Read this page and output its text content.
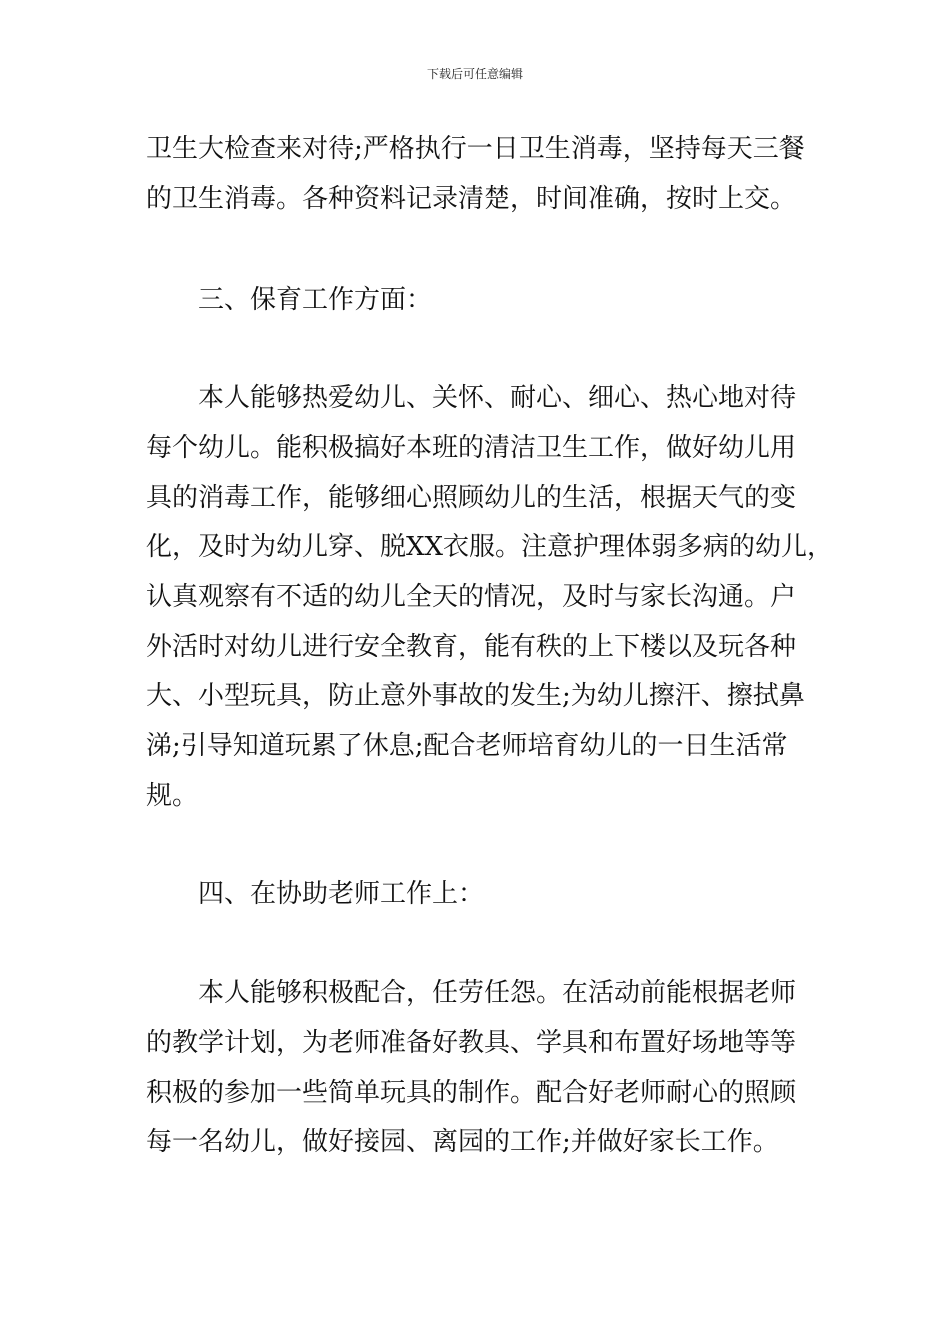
下载后可任意编辑
卫生大检查来对待;严格执行一日卫生消毒，坚持每天三餐
的卫生消毒。各种资料记录清楚，时间准确，按时上交。
三、保育工作方面：
本人能够热爱幼儿、关怀、耐心、细心、热心地对待
每个幼儿。能积极搞好本班的清洁卫生工作，做好幼儿用
具的消毒工作，能够细心照顾幼儿的生活，根据天气的变
化，及时为幼儿穿、脱XX衣服。注意护理体弱多病的幼儿，
认真观察有不适的幼儿全天的情况，及时与家长沟通。户
外活时对幼儿进行安全教育，能有秩的上下楼以及玩各种
大、小型玩具，防止意外事故的发生;为幼儿擦汗、擦拭鼻
涕;引导知道玩累了休息;配合老师培育幼儿的一日生活常
规。
四、在协助老师工作上：
本人能够积极配合，任劳任怨。在活动前能根据老师
的教学计划，为老师准备好教具、学具和布置好场地等等
积极的参加一些简单玩具的制作。配合好老师耐心的照顾
每一名幼儿，做好接园、离园的工作;并做好家长工作。
